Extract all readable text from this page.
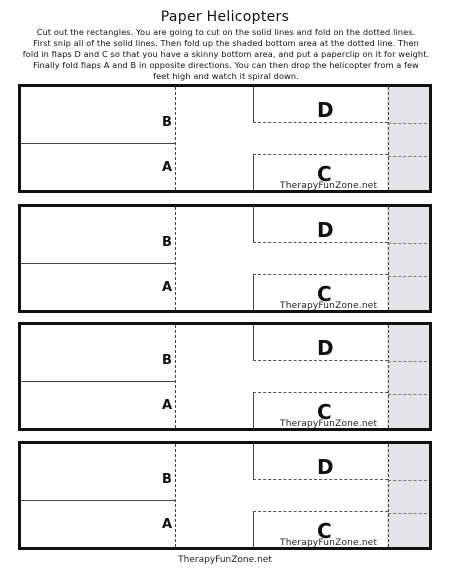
Paper Helicopters
Cut out the rectangles. You are going to cut on the solid lines and fold on the dotted lines.
First snip all of the solid lines. Then fold up the shaded bottom area at the dotted line. Then
fold in flaps D and C so that you have a skinny bottom area, and put a paperclip on it for weight.
Finally fold flaps A and B in opposite directions. You can then drop the helicopter from a few
feet high and watch it spiral down.
B
A
D
C
TherapyFunZone.net
B
A
D
C
TherapyFunZone.net
B
A
D
C
TherapyFunZone.net
B
A
D
C
TherapyFunZone.net
TherapyFunZone.net
